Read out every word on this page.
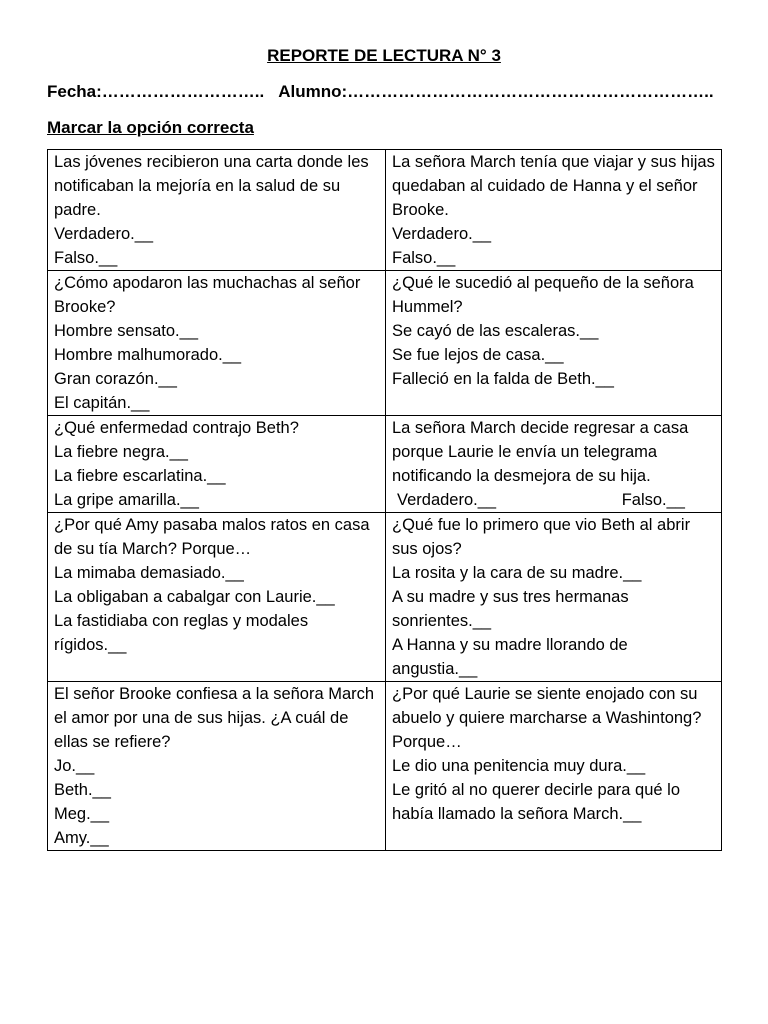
REPORTE DE LECTURA N° 3
Fecha:……………………….. Alumno:………………………………………………………..
Marcar la opción correcta
Las jóvenes recibieron una carta donde les notificaban la mejoría en la salud de su padre.
Verdadero.__
Falso.__	La señora March tenía que viajar y sus hijas quedaban al cuidado de Hanna y el señor Brooke.
Verdadero.__
Falso.__

¿Cómo apodaron las muchachas al señor Brooke?
Hombre sensato.__
Hombre malhumorado.__
Gran corazón.__
El capitán.__	¿Qué le sucedió al pequeño de la señora Hummel?
Se cayó de las escaleras.__
Se fue lejos de casa.__
Falleció en la falda de Beth.__

¿Qué enfermedad contrajo Beth?
La fiebre negra.__
La fiebre escarlatina.__
La gripe amarilla.__	La señora March decide regresar a casa porque Laurie le envía un telegrama notificando la desmejora de su hija.
Verdadero.__ Falso.__

¿Por qué Amy pasaba malos ratos en casa de su tía March? Porque…
La mimaba demasiado.__
La obligaban a cabalgar con Laurie.__
La fastidiaba con reglas y modales rígidos.__	¿Qué fue lo primero que vio Beth al abrir sus ojos?
La rosita y la cara de su madre.__
A su madre y sus tres hermanas sonrientes.__
A Hanna y su madre llorando de angustia.__

El señor Brooke confiesa a la señora March el amor por una de sus hijas. ¿A cuál de ellas se refiere?
Jo.__
Beth.__
Meg.__
Amy.__	¿Por qué Laurie se siente enojado con su abuelo y quiere marcharse a Washintong? Porque…
Le dio una penitencia muy dura.__
Le gritó al no querer decirle para qué lo había llamado la señora March.__
